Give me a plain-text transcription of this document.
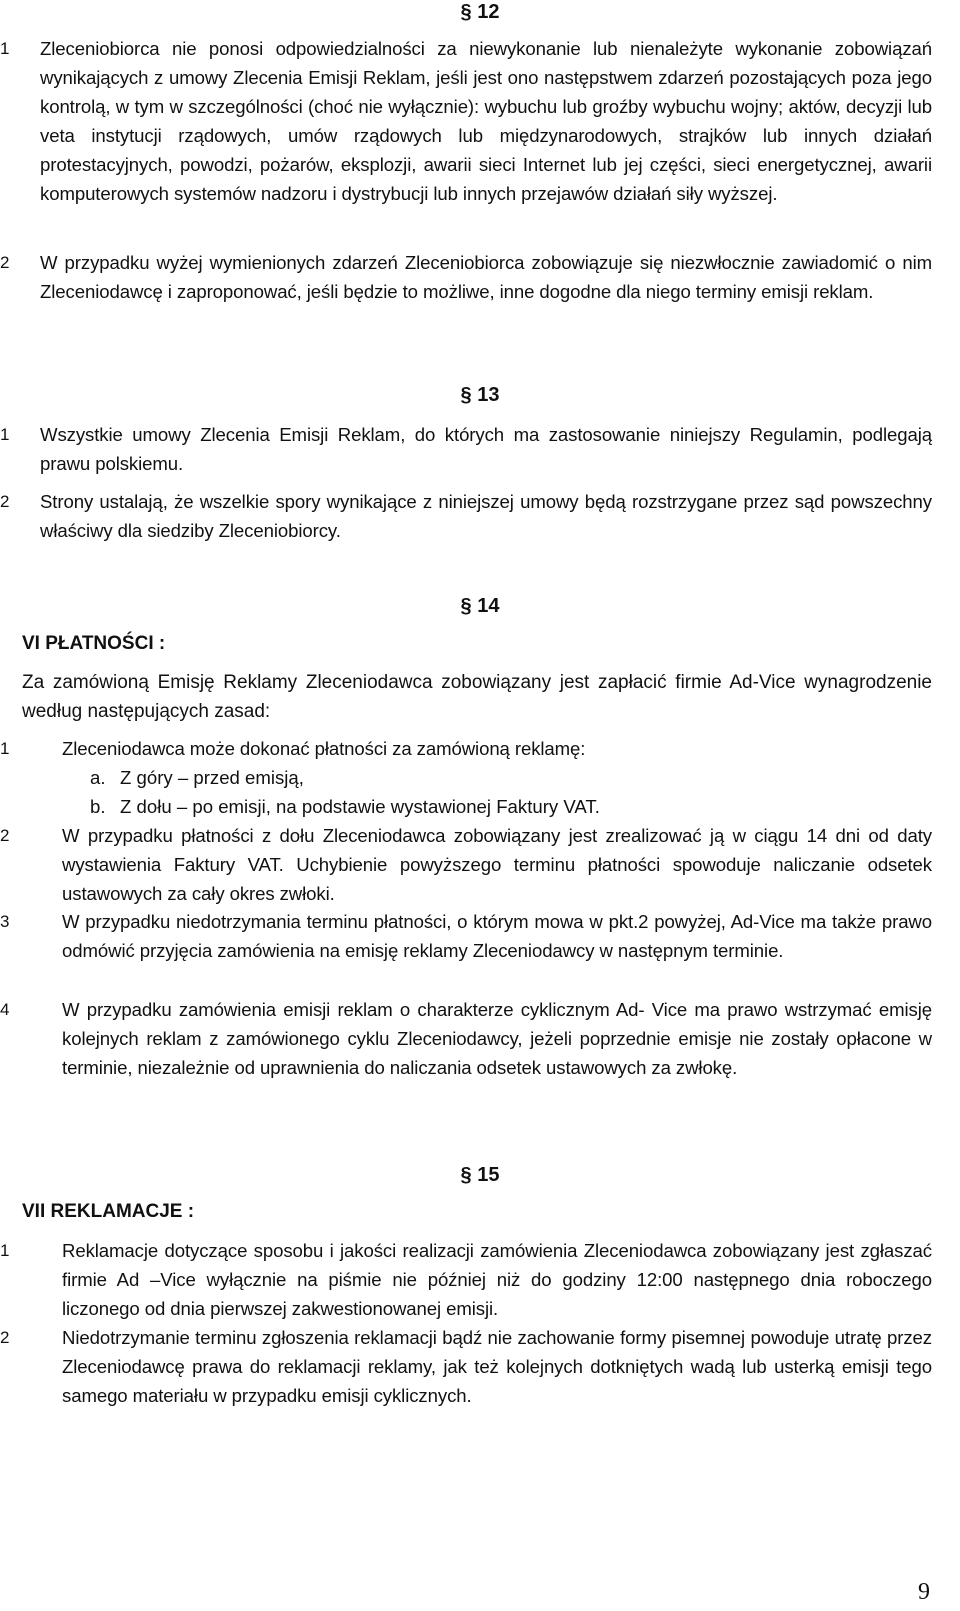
§ 12
1	Zleceniobiorca nie ponosi odpowiedzialności za niewykonanie lub nienależyte wykonanie zobowiązań wynikających z umowy Zlecenia Emisji Reklam, jeśli jest ono następstwem zdarzeń pozostających poza jego kontrolą, w tym w szczególności (choć nie wyłącznie): wybuchu lub groźby wybuchu wojny; aktów, decyzji lub veta instytucji rządowych, umów rządowych lub międzynarodowych, strajków lub innych działań protestacyjnych, powodzi, pożarów, eksplozji, awarii sieci Internet lub jej części, sieci energetycznej, awarii komputerowych systemów nadzoru i dystrybucji lub innych przejawów działań siły wyższej.
2	W przypadku wyżej wymienionych zdarzeń Zleceniobiorca zobowiązuje się niezwłocznie zawiadomić o nim Zleceniodawcę i zaproponować, jeśli będzie to możliwe, inne dogodne dla niego terminy emisji reklam.
§ 13
1	Wszystkie umowy Zlecenia Emisji Reklam, do których ma zastosowanie niniejszy Regulamin, podlegają prawu polskiemu.
2	Strony ustalają, że wszelkie spory wynikające z niniejszej umowy będą rozstrzygane przez sąd powszechny właściwy dla siedziby Zleceniobiorcy.
§ 14
VI PŁATNOŚCI :
Za zamówioną Emisję Reklamy Zleceniodawca zobowiązany jest zapłacić firmie Ad-Vice wynagrodzenie według następujących zasad:
1	Zleceniodawca może dokonać płatności za zamówioną reklamę:
a. Z góry – przed emisją,
b. Z dołu – po emisji, na podstawie wystawionej Faktury VAT.
2	W przypadku płatności z dołu Zleceniodawca zobowiązany jest zrealizować ją w ciągu 14 dni od daty wystawienia Faktury VAT. Uchybienie powyższego terminu płatności spowoduje naliczanie odsetek ustawowych za cały okres zwłoki.
3	W przypadku niedotrzymania terminu płatności, o którym mowa w pkt.2 powyżej, Ad-Vice ma także prawo odmówić przyjęcia zamówienia na emisję reklamy Zleceniodawcy w następnym terminie.
4	W przypadku zamówienia emisji reklam o charakterze cyklicznym Ad- Vice ma prawo wstrzymać emisję kolejnych reklam z zamówionego cyklu Zleceniodawcy, jeżeli poprzednie emisje nie zostały opłacone w terminie, niezależnie od uprawnienia do naliczania odsetek ustawowych za zwłokę.
§ 15
VII REKLAMACJE :
1	Reklamacje dotyczące sposobu i jakości realizacji zamówienia Zleceniodawca zobowiązany jest zgłaszać firmie Ad –Vice wyłącznie na piśmie nie później niż do godziny 12:00 następnego dnia roboczego liczonego od dnia pierwszej zakwestionowanej emisji.
2	Niedotrzymanie terminu zgłoszenia reklamacji bądź nie zachowanie formy pisemnej powoduje utratę przez Zleceniodawcę prawa do reklamacji reklamy, jak też kolejnych dotkniętych wadą lub usterką emisji tego samego materiału w przypadku emisji cyklicznych.
9
